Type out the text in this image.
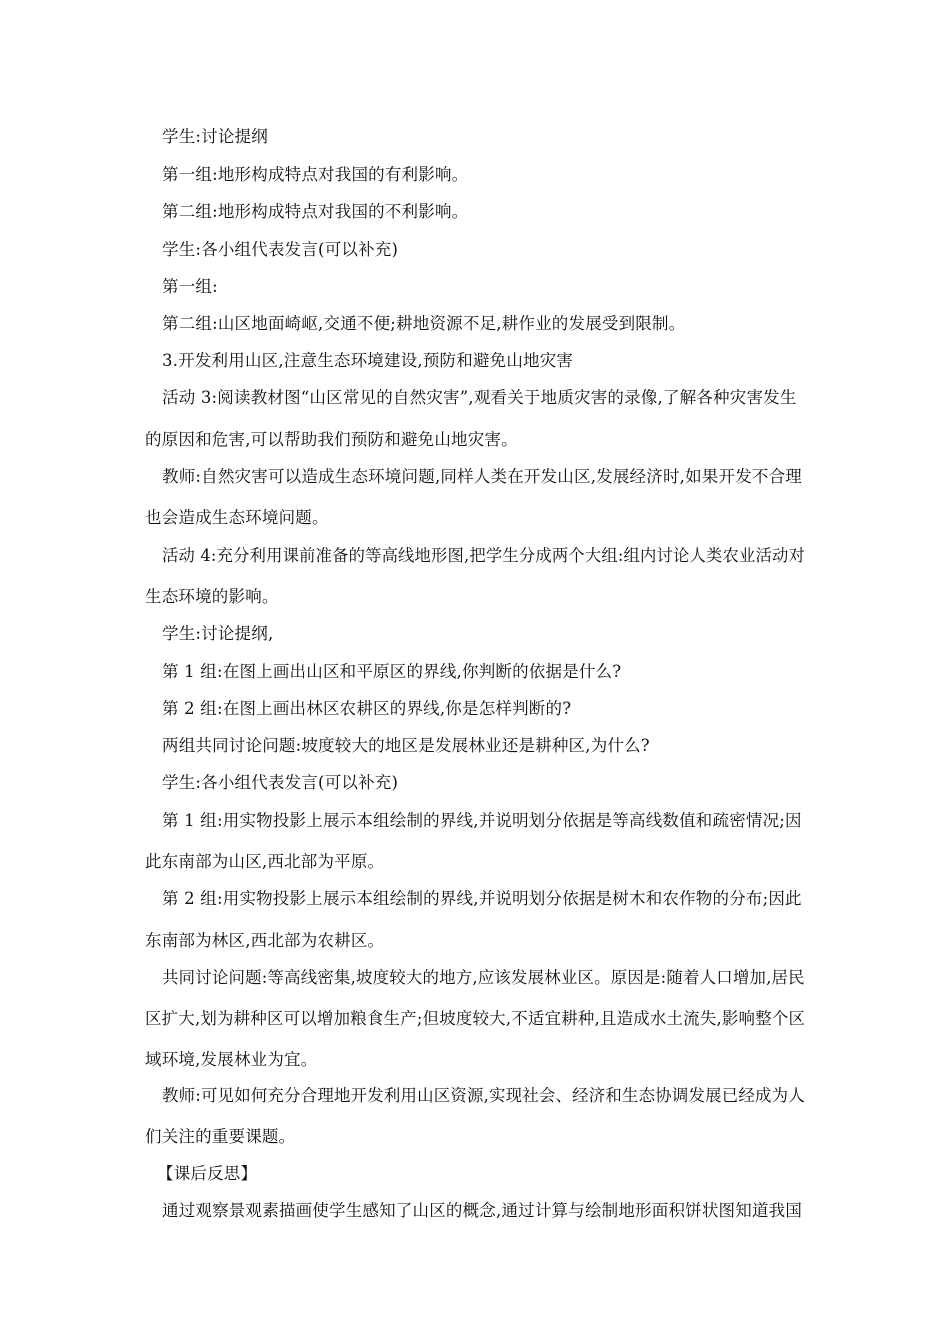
学生:讨论提纲
第一组:地形构成特点对我国的有利影响。
第二组:地形构成特点对我国的不利影响。
学生:各小组代表发言(可以补充)
第一组:
第二组:山区地面崎岖,交通不便;耕地资源不足,耕作业的发展受到限制。
3.开发利用山区,注意生态环境建设,预防和避免山地灾害
活动 3:阅读教材图“山区常见的自然灾害”,观看关于地质灾害的录像,了解各种灾害发生
的原因和危害,可以帮助我们预防和避免山地灾害。
教师:自然灾害可以造成生态环境问题,同样人类在开发山区,发展经济时,如果开发不合理
也会造成生态环境问题。
活动 4:充分利用课前准备的等高线地形图,把学生分成两个大组:组内讨论人类农业活动对
生态环境的影响。
学生:讨论提纲,
第 1 组:在图上画出山区和平原区的界线,你判断的依据是什么?
第 2 组:在图上画出林区农耕区的界线,你是怎样判断的?
两组共同讨论问题:坡度较大的地区是发展林业还是耕种区,为什么?
学生:各小组代表发言(可以补充)
第 1 组:用实物投影上展示本组绘制的界线,并说明划分依据是等高线数值和疏密情况;因
此东南部为山区,西北部为平原。
第 2 组:用实物投影上展示本组绘制的界线,并说明划分依据是树木和农作物的分布;因此
东南部为林区,西北部为农耕区。
共同讨论问题:等高线密集,坡度较大的地方,应该发展林业区。原因是:随着人口增加,居民
区扩大,划为耕种区可以增加粮食生产;但坡度较大,不适宜耕种,且造成水土流失,影响整个区
域环境,发展林业为宜。
教师:可见如何充分合理地开发利用山区资源,实现社会、经济和生态协调发展已经成为人
们关注的重要课题。
【课后反思】
通过观察景观素描画使学生感知了山区的概念,通过计算与绘制地形面积饼状图知道我国
